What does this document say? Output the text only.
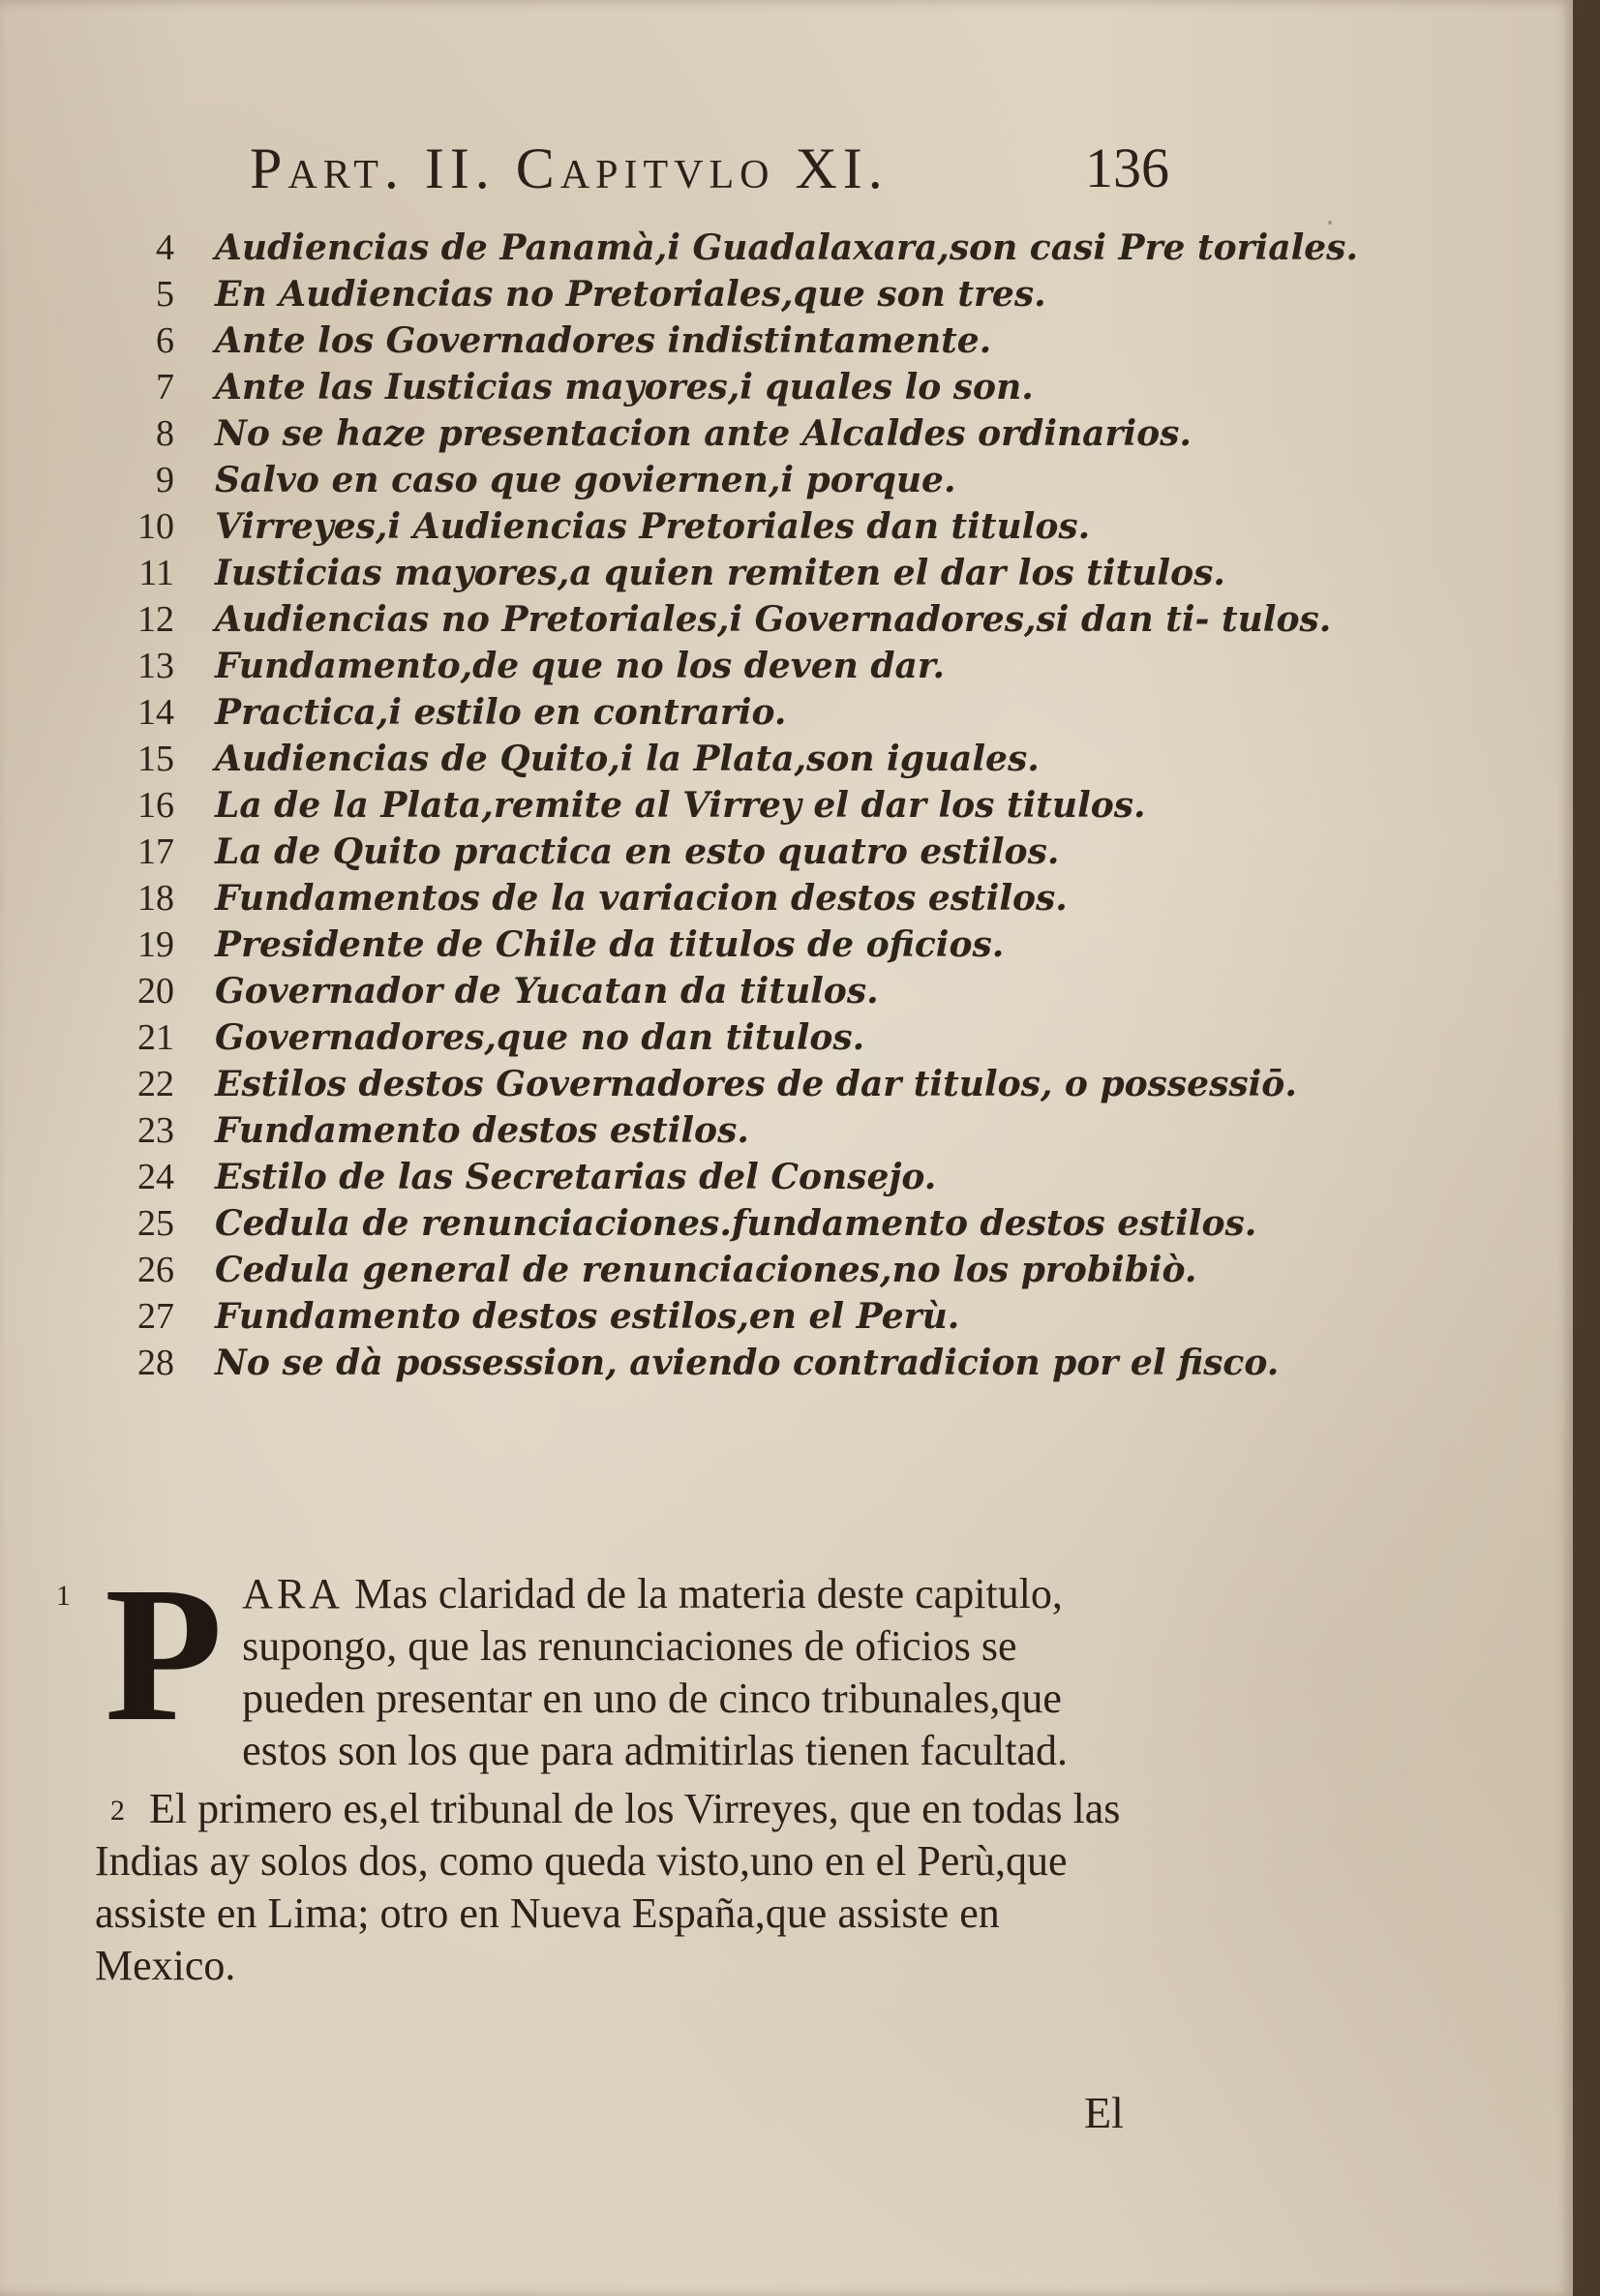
Part. II. Capitvlo XI.	136

4 Audiencias de Panamà,i Guadalaxara,son casi Pre toriales.

5 En Audiencias no Pretoriales,que son tres.

6 Ante los Governadores indistintamente.

7 Ante las Iusticias mayores,i quales lo son.

8 No se haze presentacion ante Alcaldes ordinarios.

9 Salvo en caso que goviernen,i porque.

10 Virreyes,i Audiencias Pretoriales dan titulos.

11 Iusticias mayores,a quien remiten el dar los titulos.

12 Audiencias no Pretoriales,i Governadores,si dan ti- tulos.

13 Fundamento,de que no los deven dar.

14 Practica,i estilo en contrario.

15 Audiencias de Quito,i la Plata,son iguales.

16 La de la Plata,remite al Virrey el dar los titulos.

17 La de Quito practica en esto quatro estilos.

18 Fundamentos de la variacion destos estilos.

19 Presidente de Chile da titulos de oficios.

20 Governador de Yucatan da titulos.

21 Governadores,que no dan titulos.

22 Estilos destos Governadores de dar titulos, o possessiō.

23 Fundamento destos estilos.

24 Estilo de las Secretarias del Consejo.

25 Cedula de renunciaciones.fundamento destos estilos.

26 Cedula general de renunciaciones,no los probibiò.

27 Fundamento destos estilos,en el Perù.

28 No se dà possession, aviendo contradicion por el fisco.

1 P ARA Mas claridad de la materia deste capitulo, supongo, que las renunciaciones de oficios se pueden presentar en uno de cinco tribunales,que estos son los que para admitirlas tienen facultad.

2 El primero es,el tribunal de los Virreyes, que en todas las Indias ay solos dos, como queda visto,uno en el Perù,que assiste en Lima; otro en Nueva España,que assiste en Mexico.

El
